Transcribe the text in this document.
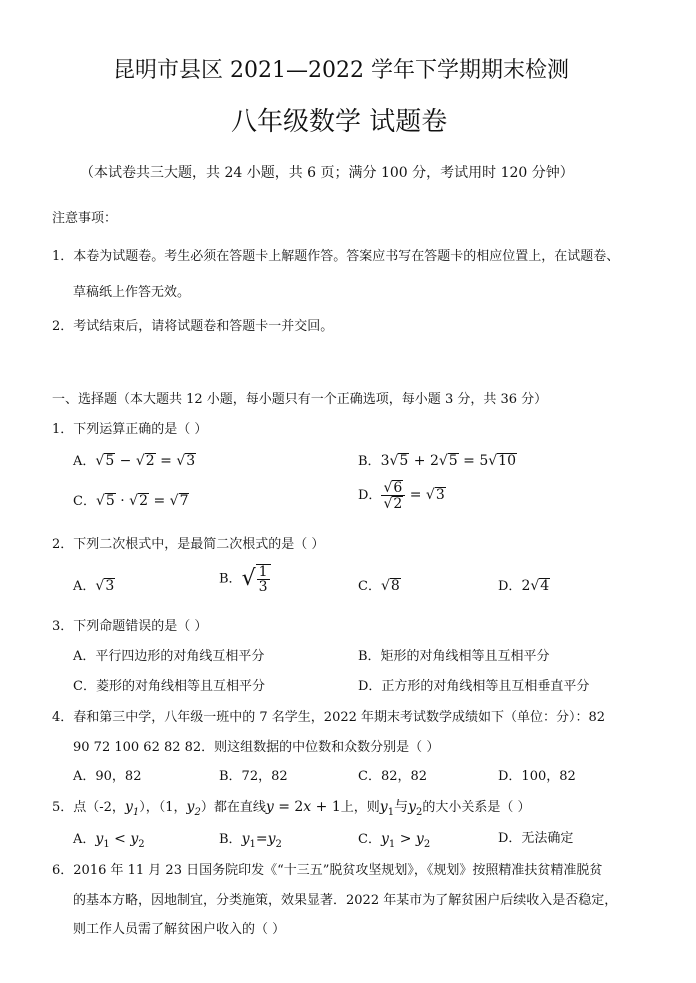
昆明市县区 2021—2022 学年下学期期末检测
八年级数学 试题卷
（本试卷共三大题，共 24 小题，共 6 页；满分 100 分，考试用时 120 分钟）
注意事项：
1．本卷为试题卷。考生必须在答题卡上解题作答。答案应书写在答题卡的相应位置上，在试题卷、
草稿纸上作答无效。
2．考试结束后，请将试题卷和答题卡一并交回。
一、选择题（本大题共 12 小题，每小题只有一个正确选项，每小题 3 分，共 36 分）
1．下列运算正确的是（ ）
A．√5 − √2 = √3	B．3√5 + 2√5 = 5√10
C．√5 · √2 = √7	D． $\frac{√6}{√2} = √3$
2．下列二次根式中，是最简二次根式的是（ ）
A．√3	B．√ $\frac{1}{3}$	C．√8	D．2√4
3．下列命题错误的是（ ）
A．平行四边形的对角线互相平分	B．矩形的对角线相等且互相平分
C．菱形的对角线相等且互相平分	D．正方形的对角线相等且互相垂直平分
4．春和第三中学，八年级一班中的 7 名学生，2022 年期末考试数学成绩如下（单位：分）：82
90 72 100 62 82 82．则这组数据的中位数和众数分别是（ ）
A．90，82	B．72，82	C．82，82	D．100，82
5．点（-2，$y_1$），（1，$y_2$）都在直线y = 2x + 1上，则$y_1$与$y_2$的大小关系是（ ）
A．$y_1 < y_2$	B．$y_1=y_2$	C．$y_1 > y_2$	D．无法确定
6．2016 年 11 月 23 日国务院印发《“十三五”脱贫攻坚规划》，《规划》按照精准扶贫精准脱贫
的基本方略，因地制宜，分类施策，效果显著．2022 年某市为了解贫困户后续收入是否稳定，
则工作人员需了解贫困户收入的（ ）
